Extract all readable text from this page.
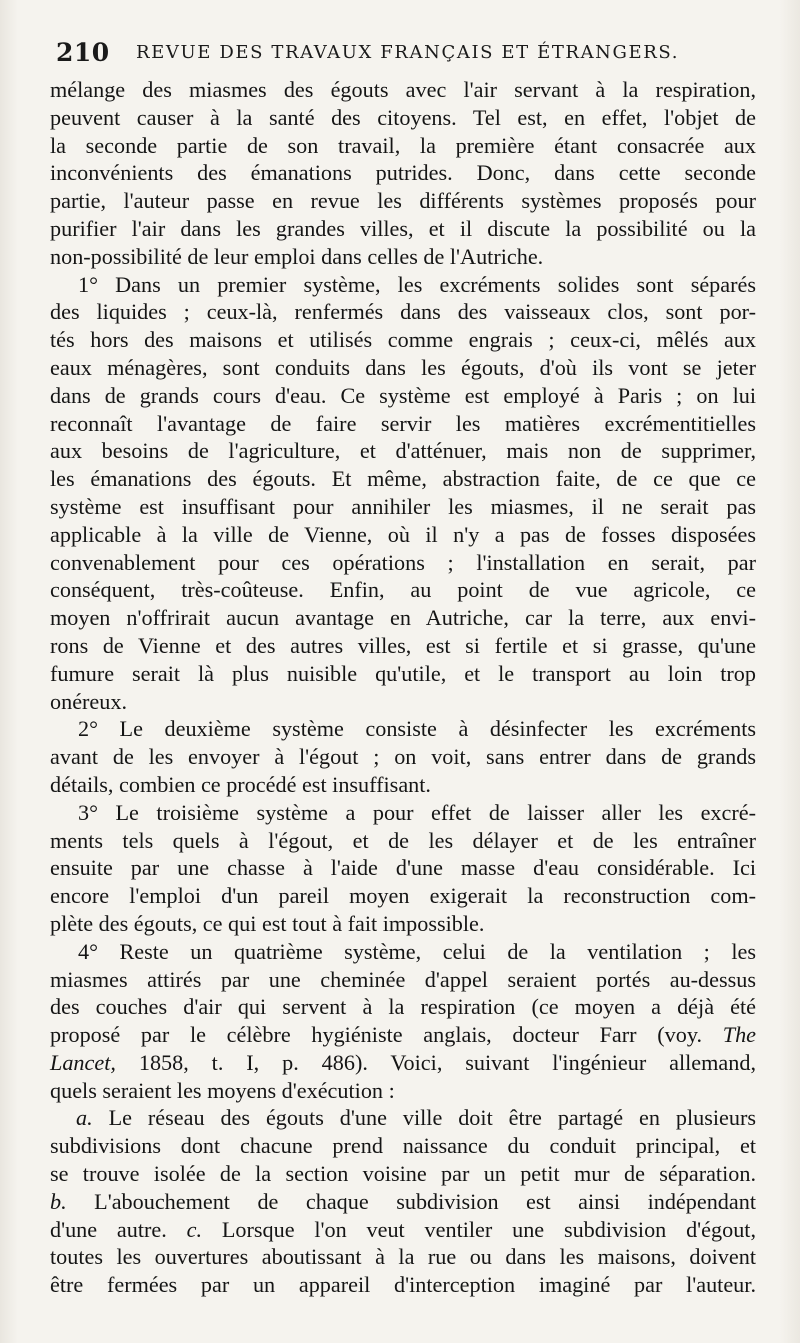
210 REVUE DES TRAVAUX FRANÇAIS ET ÉTRANGERS.
mélange des miasmes des égouts avec l'air servant à la respiration,
peuvent causer à la santé des citoyens. Tel est, en effet, l'objet de
la seconde partie de son travail, la première étant consacrée aux
inconvénients des émanations putrides. Donc, dans cette seconde
partie, l'auteur passe en revue les différents systèmes proposés pour
purifier l'air dans les grandes villes, et il discute la possibilité ou la
non-possibilité de leur emploi dans celles de l'Autriche.
1° Dans un premier système, les excréments solides sont séparés
des liquides ; ceux-là, renfermés dans des vaisseaux clos, sont por-
tés hors des maisons et utilisés comme engrais ; ceux-ci, mêlés aux
eaux ménagères, sont conduits dans les égouts, d'où ils vont se jeter
dans de grands cours d'eau. Ce système est employé à Paris ; on lui
reconnaît l'avantage de faire servir les matières excrémentitielles
aux besoins de l'agriculture, et d'atténuer, mais non de supprimer,
les émanations des égouts. Et même, abstraction faite, de ce que ce
système est insuffisant pour annihiler les miasmes, il ne serait pas
applicable à la ville de Vienne, où il n'y a pas de fosses disposées
convenablement pour ces opérations ; l'installation en serait, par
conséquent, très-coûteuse. Enfin, au point de vue agricole, ce
moyen n'offrirait aucun avantage en Autriche, car la terre, aux envi-
rons de Vienne et des autres villes, est si fertile et si grasse, qu'une
fumure serait là plus nuisible qu'utile, et le transport au loin trop
onéreux.
2° Le deuxième système consiste à désinfecter les excréments
avant de les envoyer à l'égout ; on voit, sans entrer dans de grands
détails, combien ce procédé est insuffisant.
3° Le troisième système a pour effet de laisser aller les excré-
ments tels quels à l'égout, et de les délayer et de les entraîner
ensuite par une chasse à l'aide d'une masse d'eau considérable. Ici
encore l'emploi d'un pareil moyen exigerait la reconstruction com-
plète des égouts, ce qui est tout à fait impossible.
4° Reste un quatrième système, celui de la ventilation ; les
miasmes attirés par une cheminée d'appel seraient portés au-dessus
des couches d'air qui servent à la respiration (ce moyen a déjà été
proposé par le célèbre hygiéniste anglais, docteur Farr (voy. The
Lancet, 1858, t. I, p. 486). Voici, suivant l'ingénieur allemand,
quels seraient les moyens d'exécution :
a. Le réseau des égouts d'une ville doit être partagé en plusieurs
subdivisions dont chacune prend naissance du conduit principal, et
se trouve isolée de la section voisine par un petit mur de séparation.
b. L'abouchement de chaque subdivision est ainsi indépendant
d'une autre. c. Lorsque l'on veut ventiler une subdivision d'égout,
toutes les ouvertures aboutissant à la rue ou dans les maisons, doivent
être fermées par un appareil d'interception imaginé par l'auteur.
